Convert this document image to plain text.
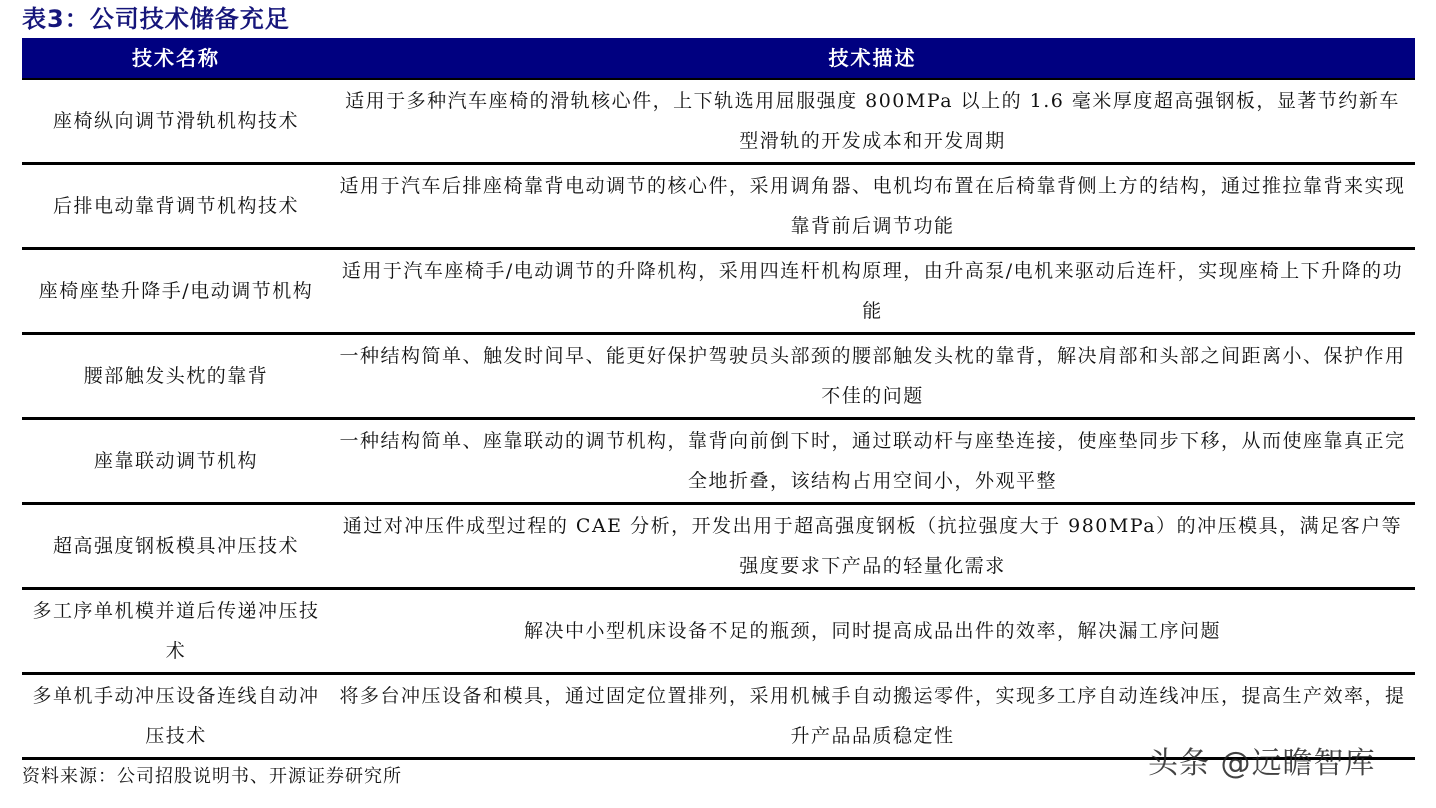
表3：公司技术储备充足
技术名称	技术描述
座椅纵向调节滑轨机构技术
适用于多种汽车座椅的滑轨核心件，上下轨选用屈服强度 800MPa 以上的 1.6 毫米厚度超高强钢板，显著节约新车型滑轨的开发成本和开发周期
后排电动靠背调节机构技术
适用于汽车后排座椅靠背电动调节的核心件，采用调角器、电机均布置在后椅靠背侧上方的结构，通过推拉靠背来实现靠背前后调节功能
座椅座垫升降手/电动调节机构
适用于汽车座椅手/电动调节的升降机构，采用四连杆机构原理，由升高泵/电机来驱动后连杆，实现座椅上下升降的功能
腰部触发头枕的靠背
一种结构简单、触发时间早、能更好保护驾驶员头部颈的腰部触发头枕的靠背，解决肩部和头部之间距离小、保护作用不佳的问题
座靠联动调节机构
一种结构简单、座靠联动的调节机构，靠背向前倒下时，通过联动杆与座垫连接，使座垫同步下移，从而使座靠真正完全地折叠，该结构占用空间小，外观平整
超高强度钢板模具冲压技术
通过对冲压件成型过程的 CAE 分析，开发出用于超高强度钢板（抗拉强度大于 980MPa）的冲压模具，满足客户等强度要求下产品的轻量化需求
多工序单机模并道后传递冲压技术
解决中小型机床设备不足的瓶颈，同时提高成品出件的效率，解决漏工序问题
多单机手动冲压设备连线自动冲压技术
将多台冲压设备和模具，通过固定位置排列，采用机械手自动搬运零件，实现多工序自动连线冲压，提高生产效率，提升产品品质稳定性
资料来源：公司招股说明书、开源证券研究所	头条 @远瞻智库
